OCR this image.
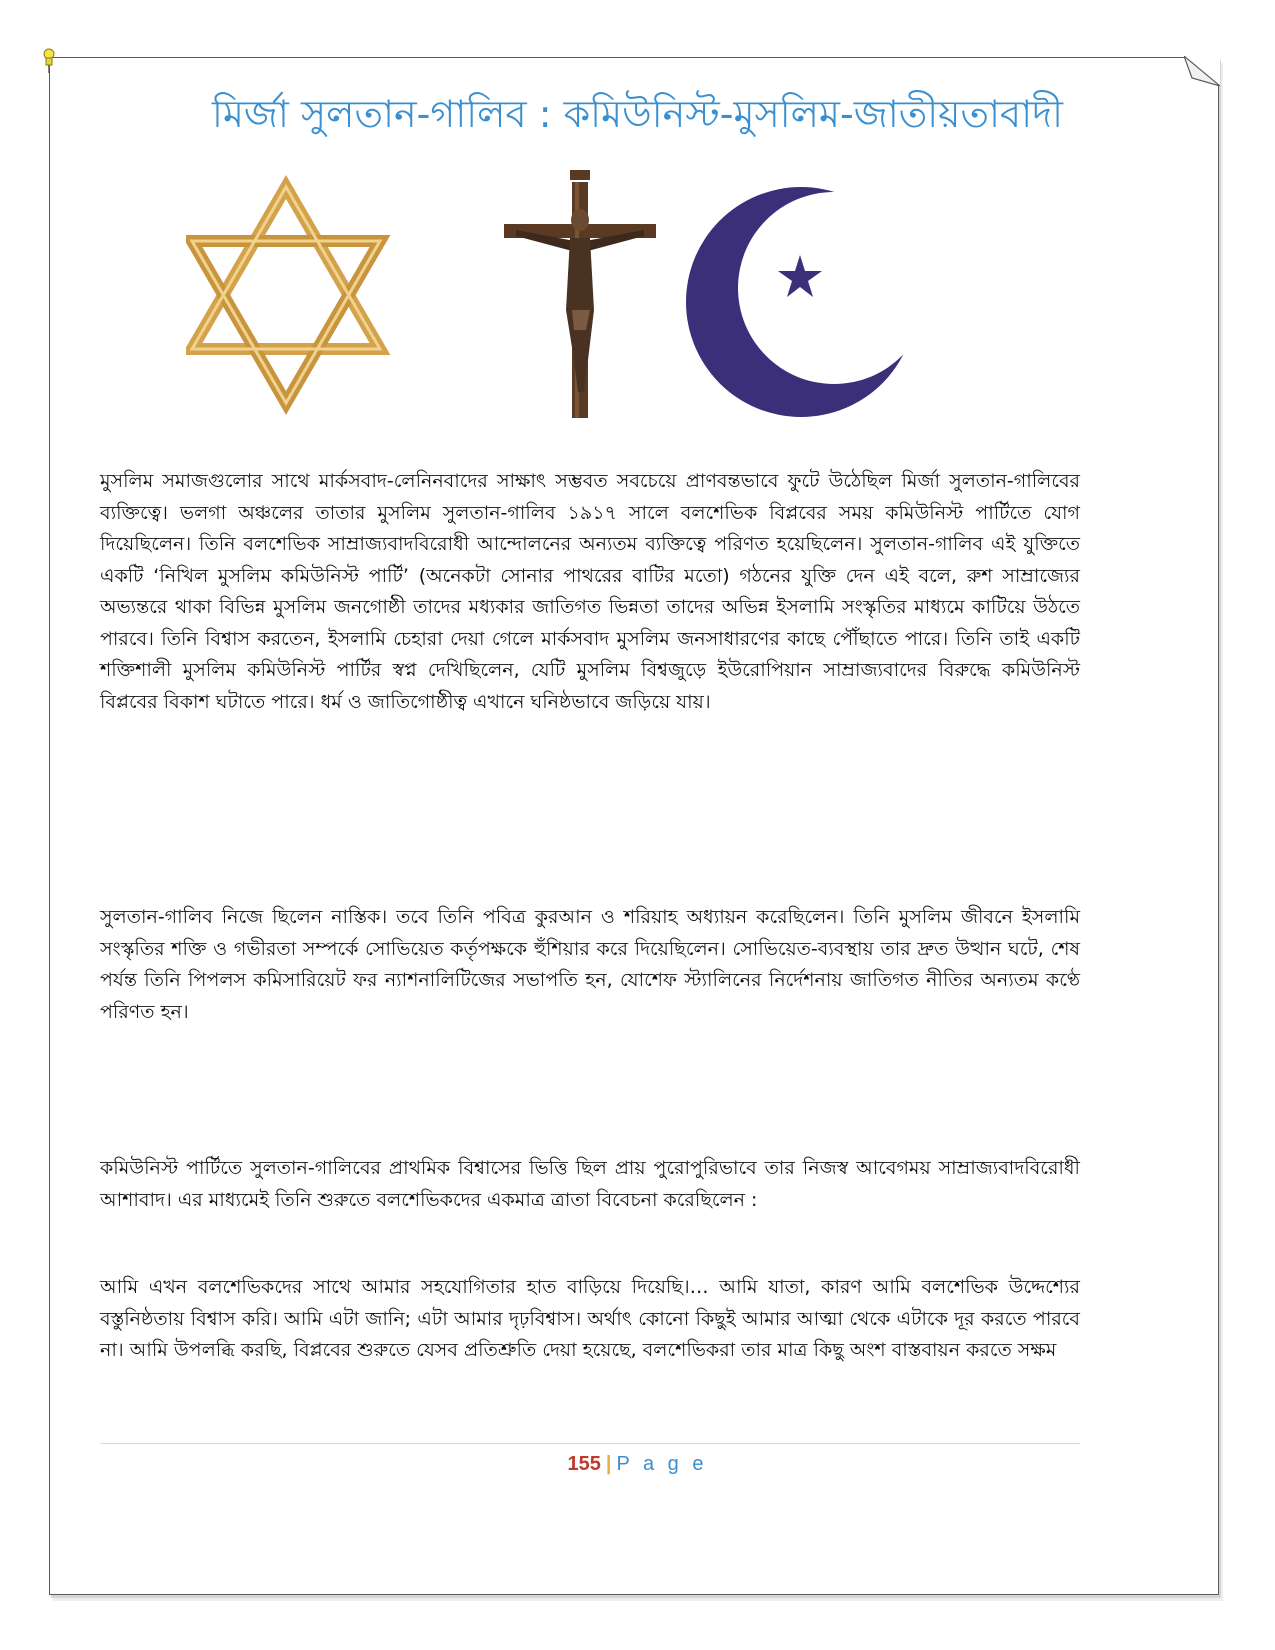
মির্জা সুলতান-গালিব : কমিউনিস্ট-মুসলিম-জাতীয়তাবাদী
মুসলিম সমাজগুলোর সাথে মার্কসবাদ-লেনিনবাদের সাক্ষাৎ সম্ভবত সবচেয়ে প্রাণবন্তভাবে ফুটে উঠেছিল মির্জা সুলতান-গালিবের ব্যক্তিত্বে। ভলগা অঞ্চলের তাতার মুসলিম সুলতান-গালিব ১৯১৭ সালে বলশেভিক বিপ্লবের সময় কমিউনিস্ট পার্টিতে যোগ দিয়েছিলেন। তিনি বলশেভিক সাম্রাজ্যবাদবিরোধী আন্দোলনের অন্যতম ব্যক্তিত্বে পরিণত হয়েছিলেন। সুলতান-গালিব এই যুক্তিতে একটি ‘নিখিল মুসলিম কমিউনিস্ট পার্টি’ (অনেকটা সোনার পাথরের বাটির মতো) গঠনের যুক্তি দেন এই বলে, রুশ সাম্রাজ্যের অভ্যন্তরে থাকা বিভিন্ন মুসলিম জনগোষ্ঠী তাদের মধ্যকার জাতিগত ভিন্নতা তাদের অভিন্ন ইসলামি সংস্কৃতির মাধ্যমে কাটিয়ে উঠতে পারবে। তিনি বিশ্বাস করতেন, ইসলামি চেহারা দেয়া গেলে মার্কসবাদ মুসলিম জনসাধারণের কাছে পৌঁছাতে পারে। তিনি তাই একটি শক্তিশালী মুসলিম কমিউনিস্ট পার্টির স্বপ্ন দেখিছিলেন, যেটি মুসলিম বিশ্বজুড়ে ইউরোপিয়ান সাম্রাজ্যবাদের বিরুদ্ধে কমিউনিস্ট বিপ্লবের বিকাশ ঘটাতে পারে। ধর্ম ও জাতিগোষ্ঠীত্ব এখানে ঘনিষ্ঠভাবে জড়িয়ে যায়।
সুলতান-গালিব নিজে ছিলেন নাস্তিক। তবে তিনি পবিত্র কুরআন ও শরিয়াহ অধ্যায়ন করেছিলেন। তিনি মুসলিম জীবনে ইসলামি সংস্কৃতির শক্তি ও গভীরতা সম্পর্কে সোভিয়েত কর্তৃপক্ষকে হুঁশিয়ার করে দিয়েছিলেন। সোভিয়েত-ব্যবস্থায় তার দ্রুত উত্থান ঘটে, শেষ পর্যন্ত তিনি পিপলস কমিসারিয়েট ফর ন্যাশনালিটিজের সভাপতি হন, যোশেফ স্ট্যালিনের নির্দেশনায় জাতিগত নীতির অন্যতম কণ্ঠে পরিণত হন।
কমিউনিস্ট পার্টিতে সুলতান-গালিবের প্রাথমিক বিশ্বাসের ভিত্তি ছিল প্রায় পুরোপুরিভাবে তার নিজস্ব আবেগময় সাম্রাজ্যবাদবিরোধী আশাবাদ। এর মাধ্যমেই তিনি শুরুতে বলশেভিকদের একমাত্র ত্রাতা বিবেচনা করেছিলেন :
আমি এখন বলশেভিকদের সাথে আমার সহযোগিতার হাত বাড়িয়ে দিয়েছি।… আমি যাতা, কারণ আমি বলশেভিক উদ্দেশ্যের বস্তুনিষ্ঠতায় বিশ্বাস করি। আমি এটা জানি; এটা আমার দৃঢ়বিশ্বাস। অর্থাৎ কোনো কিছুই আমার আত্মা থেকে এটাকে দূর করতে পারবে না। আমি উপলব্ধি করছি, বিপ্লবের শুরুতে যেসব প্রতিশ্রুতি দেয়া হয়েছে, বলশেভিকরা তার মাত্র কিছু অংশ বাস্তবায়ন করতে সক্ষম
155 | P a g e
